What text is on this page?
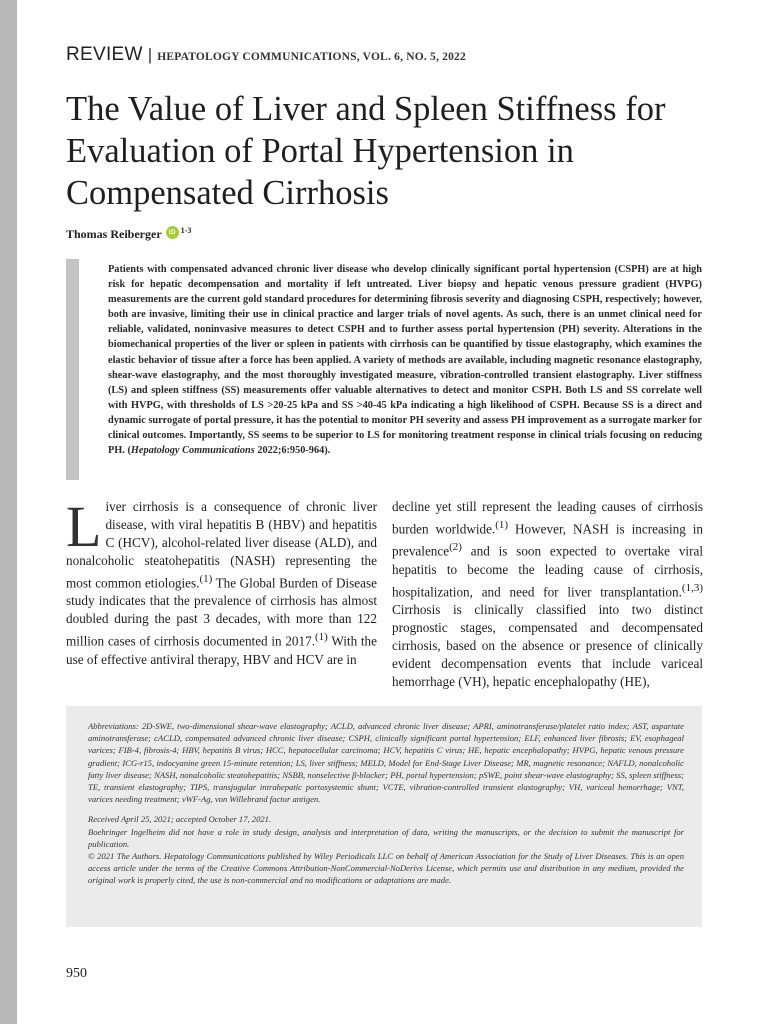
REVIEW | HEPATOLOGY COMMUNICATIONS, VOL. 6, NO. 5, 2022
The Value of Liver and Spleen Stiffness for Evaluation of Portal Hypertension in Compensated Cirrhosis
Thomas Reiberger	iD 1-3

Patients with compensated advanced chronic liver disease who develop clinically significant portal hypertension (CSPH) are at high risk for hepatic decompensation and mortality if left untreated. Liver biopsy and hepatic venous pressure gradient (HVPG) measurements are the current gold standard procedures for determining fibrosis severity and diagnosing CSPH, respectively; however, both are invasive, limiting their use in clinical practice and larger trials of novel agents. As such, there is an unmet clinical need for reliable, validated, noninvasive measures to detect CSPH and to further assess portal hypertension (PH) severity. Alterations in the biomechanical properties of the liver or spleen in patients with cirrhosis can be quantified by tissue elastography, which examines the elastic behavior of tissue after a force has been applied. A variety of methods are available, including magnetic resonance elastography, shear-wave elastography, and the most thoroughly investigated measure, vibration-controlled transient elastography. Liver stiffness (LS) and spleen stiffness (SS) measurements offer valuable alternatives to detect and monitor CSPH. Both LS and SS correlate well with HVPG, with thresholds of LS >20-25 kPa and SS >40-45 kPa indicating a high likelihood of CSPH. Because SS is a direct and dynamic surrogate of portal pressure, it has the potential to monitor PH severity and assess PH improvement as a surrogate marker for clinical outcomes. Importantly, SS seems to be superior to LS for monitoring treatment response in clinical trials focusing on reducing PH. (Hepatology Communications 2022;6:950-964).

Liver cirrhosis is a consequence of chronic liver disease, with viral hepatitis B (HBV) and hepatitis C (HCV), alcohol-related liver disease (ALD), and nonalcoholic steatohepatitis (NASH) representing the most common etiologies.$^{(1)}$ The Global Burden of Disease study indicates that the prevalence of cirrhosis has almost doubled during the past 3 decades, with more than 122 million cases of cirrhosis documented in 2017.$^{(1)}$ With the use of effective antiviral therapy, HBV and HCV are in

decline yet still represent the leading causes of cirrhosis burden worldwide.$^{(1)}$ However, NASH is increasing in prevalence$^{(2)}$ and is soon expected to overtake viral hepatitis to become the leading cause of cirrhosis, hospitalization, and need for liver transplantation.$^{(1,3)}$ Cirrhosis is clinically classified into two distinct prognostic stages, compensated and decompensated cirrhosis, based on the absence or presence of clinically evident decompensation events that include variceal hemorrhage (VH), hepatic encephalopathy (HE),

Abbreviations: 2D-SWE, two-dimensional shear-wave elastography; ACLD, advanced chronic liver disease; APRI, aminotransferase/platelet ratio index; AST, aspartate aminotransferase; cACLD, compensated advanced chronic liver disease; CSPH, clinically significant portal hypertension; ELF, enhanced liver fibrosis; EV, esophageal varices; FIB-4, fibrosis-4; HBV, hepatitis B virus; HCC, hepatocellular carcinoma; HCV, hepatitis C virus; HE, hepatic encephalopathy; HVPG, hepatic venous pressure gradient; ICG-r15, indocyanine green 15-minute retention; LS, liver stiffness; MELD, Model for End-Stage Liver Disease; MR, magnetic resonance; NAFLD, nonalcoholic fatty liver disease; NASH, nonalcoholic steatohepatitis; NSBB, nonselective β-blocker; PH, portal hypertension; pSWE, point shear-wave elastography; SS, spleen stiffness; TE, transient elastography; TIPS, transjugular intrahepatic portosystemic shunt; VCTE, vibration-controlled transient elastography; VH, variceal hemorrhage; VNT, varices needing treatment; vWF-Ag, von Willebrand factor antigen.

Received April 25, 2021; accepted October 17, 2021.

Boehringer Ingelheim did not have a role in study design, analysis and interpretation of data, writing the manuscripts, or the decision to submit the manuscript for publication.

© 2021 The Authors. Hepatology Communications published by Wiley Periodicals LLC on behalf of American Association for the Study of Liver Diseases. This is an open access article under the terms of the Creative Commons Attribution-NonCommercial-NoDerivs License, which permits use and distribution in any medium, provided the original work is properly cited, the use is non-commercial and no modifications or adaptations are made.

950
